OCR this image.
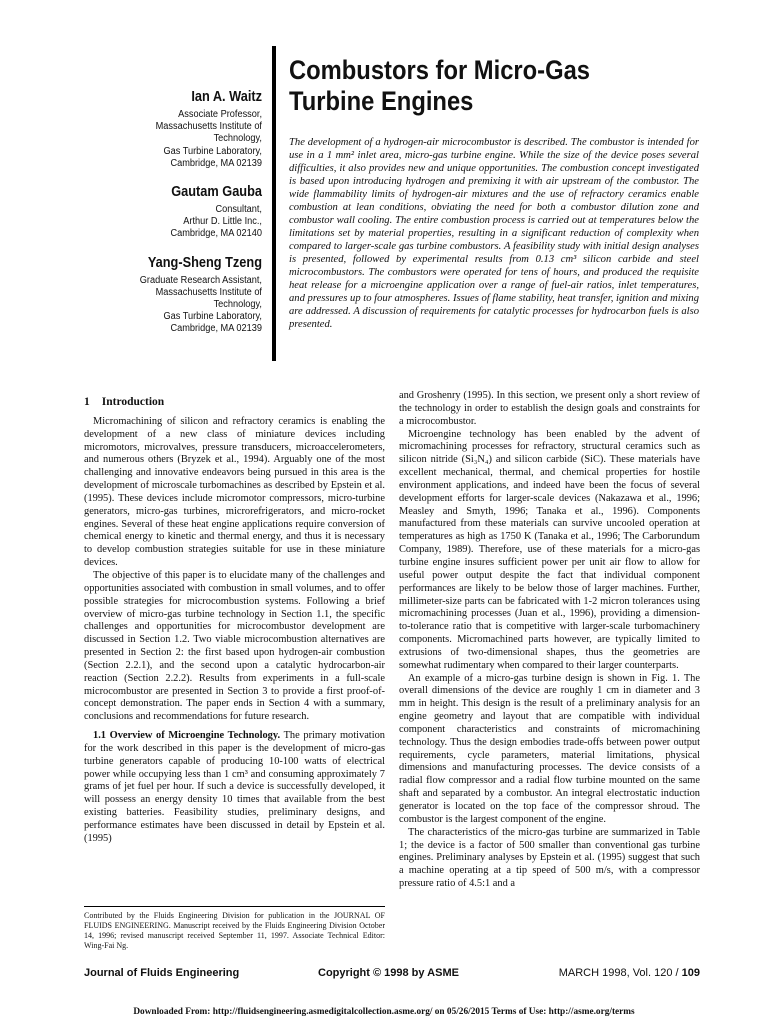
Ian A. Waitz
Associate Professor,
Massachusetts Institute of Technology,
Gas Turbine Laboratory,
Cambridge, MA 02139
Gautam Gauba
Consultant,
Arthur D. Little Inc.,
Cambridge, MA 02140
Yang-Sheng Tzeng
Graduate Research Assistant,
Massachusetts Institute of Technology,
Gas Turbine Laboratory,
Cambridge, MA 02139
Combustors for Micro-Gas Turbine Engines
The development of a hydrogen-air microcombustor is described. The combustor is intended for use in a 1 mm² inlet area, micro-gas turbine engine. While the size of the device poses several difficulties, it also provides new and unique opportunities. The combustion concept investigated is based upon introducing hydrogen and premixing it with air upstream of the combustor. The wide flammability limits of hydrogen-air mixtures and the use of refractory ceramics enable combustion at lean conditions, obviating the need for both a combustor dilution zone and combustor wall cooling. The entire combustion process is carried out at temperatures below the limitations set by material properties, resulting in a significant reduction of complexity when compared to larger-scale gas turbine combustors. A feasibility study with initial design analyses is presented, followed by experimental results from 0.13 cm³ silicon carbide and steel microcombustors. The combustors were operated for tens of hours, and produced the requisite heat release for a microengine application over a range of fuel-air ratios, inlet temperatures, and pressures up to four atmospheres. Issues of flame stability, heat transfer, ignition and mixing are addressed. A discussion of requirements for catalytic processes for hydrocarbon fuels is also presented.
1 Introduction

Micromachining of silicon and refractory ceramics is enabling the development of a new class of miniature devices including micromotors, microvalves, pressure transducers, microaccelerometers, and numerous others (Bryzek et al., 1994). Arguably one of the most challenging and innovative endeavors being pursued in this area is the development of microscale turbomachines as described by Epstein et al. (1995). These devices include micromotor compressors, micro-turbine generators, micro-gas turbines, microrefrigerators, and micro-rocket engines. Several of these heat engine applications require conversion of chemical energy to kinetic and thermal energy, and thus it is necessary to develop combustion strategies suitable for use in these miniature devices.

The objective of this paper is to elucidate many of the challenges and opportunities associated with combustion in small volumes, and to offer possible strategies for microcombustion systems. Following a brief overview of micro-gas turbine technology in Section 1.1, the specific challenges and opportunities for microcombustor development are discussed in Section 1.2. Two viable microcombustion alternatives are presented in Section 2: the first based upon hydrogen-air combustion (Section 2.2.1), and the second upon a catalytic hydrocarbon-air reaction (Section 2.2.2). Results from experiments in a full-scale microcombustor are presented in Section 3 to provide a first proof-of-concept demonstration. The paper ends in Section 4 with a summary, conclusions and recommendations for future research.

1.1 Overview of Microengine Technology. The primary motivation for the work described in this paper is the development of micro-gas turbine generators capable of producing 10-100 watts of electrical power while occupying less than 1 cm³ and consuming approximately 7 grams of jet fuel per hour. If such a device is successfully developed, it will possess an energy density 10 times that available from the best existing batteries. Feasibility studies, preliminary designs, and performance estimates have been discussed in detail by Epstein et al. (1995)

and Groshenry (1995). In this section, we present only a short review of the technology in order to establish the design goals and constraints for a microcombustor.

Microengine technology has been enabled by the advent of micromachining processes for refractory, structural ceramics such as silicon nitride (Si₃N₄) and silicon carbide (SiC). These materials have excellent mechanical, thermal, and chemical properties for hostile environment applications, and indeed have been the focus of several development efforts for larger-scale devices (Nakazawa et al., 1996; Measley and Smyth, 1996; Tanaka et al., 1996). Components manufactured from these materials can survive uncooled operation at temperatures as high as 1750 K (Tanaka et al., 1996; The Carborundum Company, 1989). Therefore, use of these materials for a micro-gas turbine engine insures sufficient power per unit air flow to allow for useful power output despite the fact that individual component performances are likely to be below those of larger machines. Further, millimeter-size parts can be fabricated with 1-2 micron tolerances using micromachining processes (Juan et al., 1996), providing a dimension-to-tolerance ratio that is competitive with larger-scale turbomachinery components. Micromachined parts however, are typically limited to extrusions of two-dimensional shapes, thus the geometries are somewhat rudimentary when compared to their larger counterparts.

An example of a micro-gas turbine design is shown in Fig. 1. The overall dimensions of the device are roughly 1 cm in diameter and 3 mm in height. This design is the result of a preliminary analysis for an engine geometry and layout that are compatible with individual component characteristics and constraints of micromachining technology. Thus the design embodies trade-offs between power output requirements, cycle parameters, material limitations, physical dimensions and manufacturing processes. The device consists of a radial flow compressor and a radial flow turbine mounted on the same shaft and separated by a combustor. An integral electrostatic induction generator is located on the top face of the compressor shroud. The combustor is the largest component of the engine.

The characteristics of the micro-gas turbine are summarized in Table 1; the device is a factor of 500 smaller than conventional gas turbine engines. Preliminary analyses by Epstein et al. (1995) suggest that such a machine operating at a tip speed of 500 m/s, with a compressor pressure ratio of 4.5:1 and a

Contributed by the Fluids Engineering Division for publication in the JOURNAL OF FLUIDS ENGINEERING. Manuscript received by the Fluids Engineering Division October 14, 1996; revised manuscript received September 11, 1997. Associate Technical Editor: Wing-Fai Ng.
Journal of Fluids Engineering	Copyright © 1998 by ASME	MARCH 1998, Vol. 120 / 109
Downloaded From: http://fluidsengineering.asmedigitalcollection.asme.org/ on 05/26/2015 Terms of Use: http://asme.org/terms
